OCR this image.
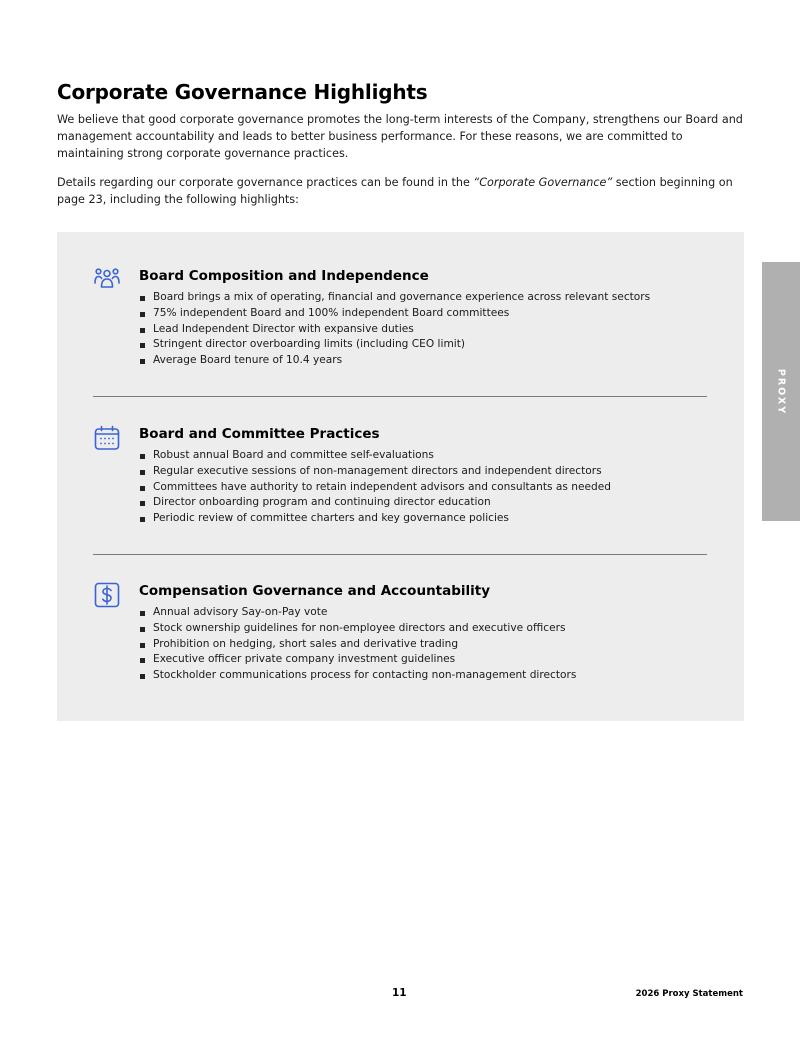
Corporate Governance Highlights

We believe that good corporate governance promotes the long-term interests of the Company, strengthens our Board and management accountability and leads to better business performance. For these reasons, we are committed to maintaining strong corporate governance practices.

Details regarding our corporate governance practices can be found in the “Corporate Governance” section beginning on page 23, including the following highlights:

Board Composition and Independence
Board brings a mix of operating, financial and governance experience across relevant sectors
75% independent Board and 100% independent Board committees
Lead Independent Director with expansive duties
Stringent director overboarding limits (including CEO limit)
Average Board tenure of 10.4 years
Board and Committee Practices
Robust annual Board and committee self-evaluations
Regular executive sessions of non-management directors and independent directors
Committees have authority to retain independent advisors and consultants as needed
Director onboarding program and continuing director education
Periodic review of committee charters and key governance policies
Compensation Governance and Accountability
Annual advisory Say-on-Pay vote
Stock ownership guidelines for non-employee directors and executive officers
Prohibition on hedging, short sales and derivative trading
Executive officer private company investment guidelines
Stockholder communications process for contacting non-management directors
PROXY
11	2026 Proxy Statement
